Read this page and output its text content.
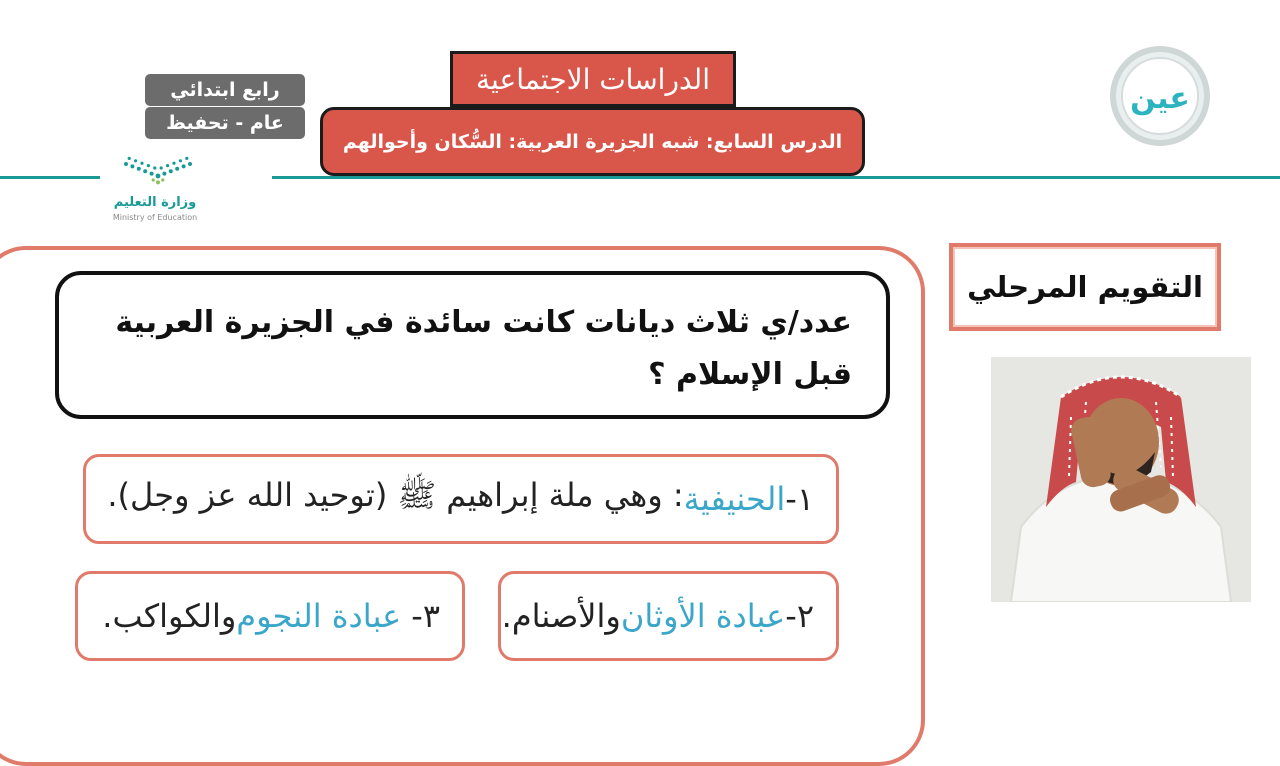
الدرس السابع: شبه الجزيرة العربية: السُّكان وأحوالهم
الدراسات الاجتماعية
رابع ابتدائي
عام - تحفيظ
وزارة التعليم
Ministry of Education
عين
عدد/ي ثلاث ديانات كانت سائدة في الجزيرة العربية قبل الإسلام ؟
١-
الحنيفية
: وهي ملة إبراهيم ﷺ (توحيد الله عز وجل).
٢-
عبادة الأوثان
والأصنام.
٣-
عبادة النجوم
والكواكب.
التقويم المرحلي
